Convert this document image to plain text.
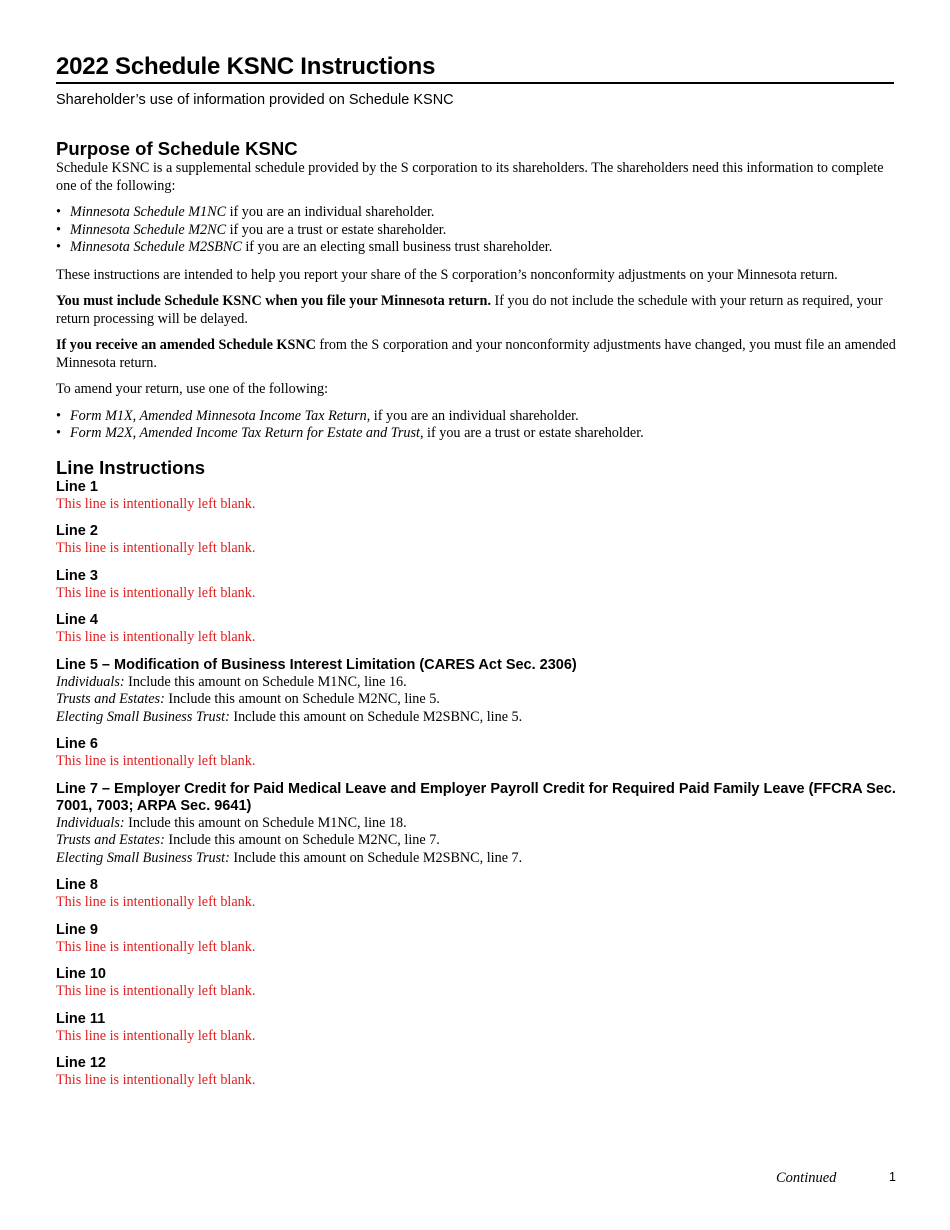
2022 Schedule KSNC Instructions

Shareholder’s use of information provided on Schedule KSNC

Purpose of Schedule KSNC

Schedule KSNC is a supplemental schedule provided by the S corporation to its shareholders. The shareholders need this information to complete one of the following:

• Minnesota Schedule M1NC if you are an individual shareholder.
• Minnesota Schedule M2NC if you are a trust or estate shareholder.
• Minnesota Schedule M2SBNC if you are an electing small business trust shareholder.

These instructions are intended to help you report your share of the S corporation’s nonconformity adjustments on your Minnesota return.

You must include Schedule KSNC when you file your Minnesota return. If you do not include the schedule with your return as required, your return processing will be delayed.

If you receive an amended Schedule KSNC from the S corporation and your nonconformity adjustments have changed, you must file an amended Minnesota return.

To amend your return, use one of the following:

• Form M1X, Amended Minnesota Income Tax Return, if you are an individual shareholder.
• Form M2X, Amended Income Tax Return for Estate and Trust, if you are a trust or estate shareholder.
Line Instructions
Line 1

This line is intentionally left blank.

Line 2

This line is intentionally left blank.

Line 3

This line is intentionally left blank.

Line 4

This line is intentionally left blank.

Line 5 – Modification of Business Interest Limitation (CARES Act Sec. 2306)

Individuals: Include this amount on Schedule M1NC, line 16.

Trusts and Estates: Include this amount on Schedule M2NC, line 5.

Electing Small Business Trust: Include this amount on Schedule M2SBNC, line 5.

Line 6

This line is intentionally left blank.

Line 7 – Employer Credit for Paid Medical Leave and Employer Payroll Credit for Required Paid Family Leave (FFCRA Sec. 7001, 7003; ARPA Sec. 9641)

Individuals: Include this amount on Schedule M1NC, line 18.

Trusts and Estates: Include this amount on Schedule M2NC, line 7.

Electing Small Business Trust: Include this amount on Schedule M2SBNC, line 7.

Line 8

This line is intentionally left blank.

Line 9

This line is intentionally left blank.

Line 10

This line is intentionally left blank.

Line 11

This line is intentionally left blank.

Line 12

This line is intentionally left blank.

Continued	1
